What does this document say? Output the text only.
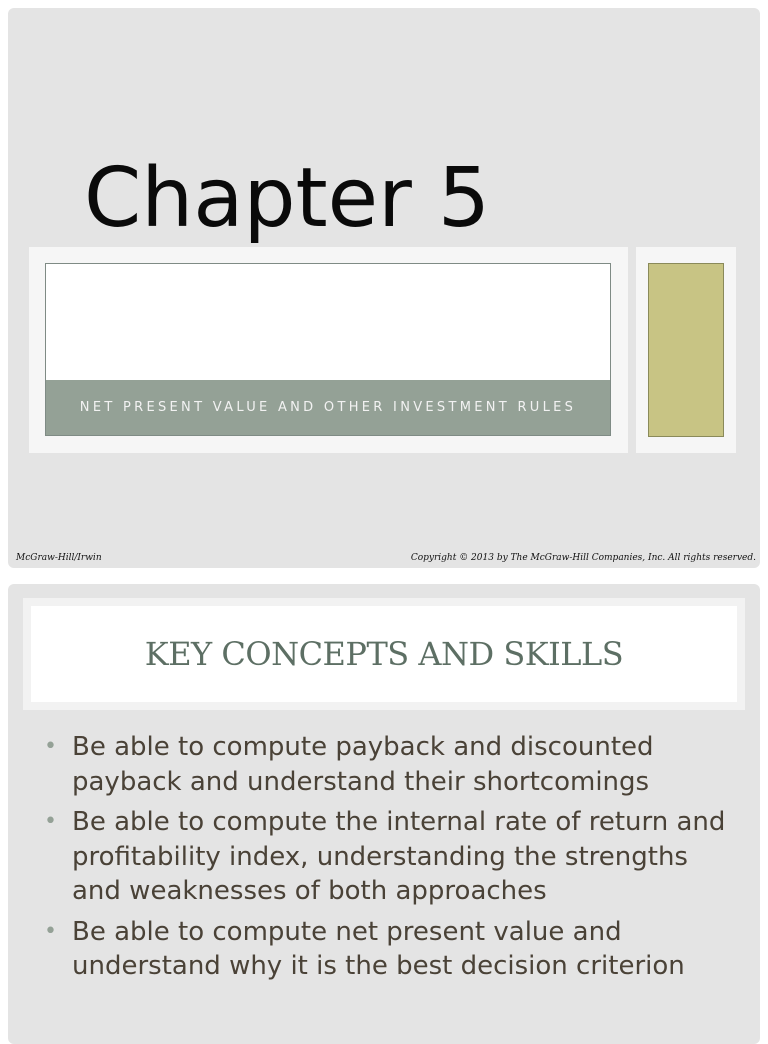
Chapter 5
NET PRESENT VALUE AND OTHER INVESTMENT RULES
McGraw-Hill/Irwin	Copyright © 2013 by The McGraw-Hill Companies, Inc. All rights reserved.
KEY CONCEPTS AND SKILLS
• Be able to compute payback and discounted payback and understand their shortcomings
• Be able to compute the internal rate of return and profitability index, understanding the strengths and weaknesses of both approaches
• Be able to compute net present value and understand why it is the best decision criterion
